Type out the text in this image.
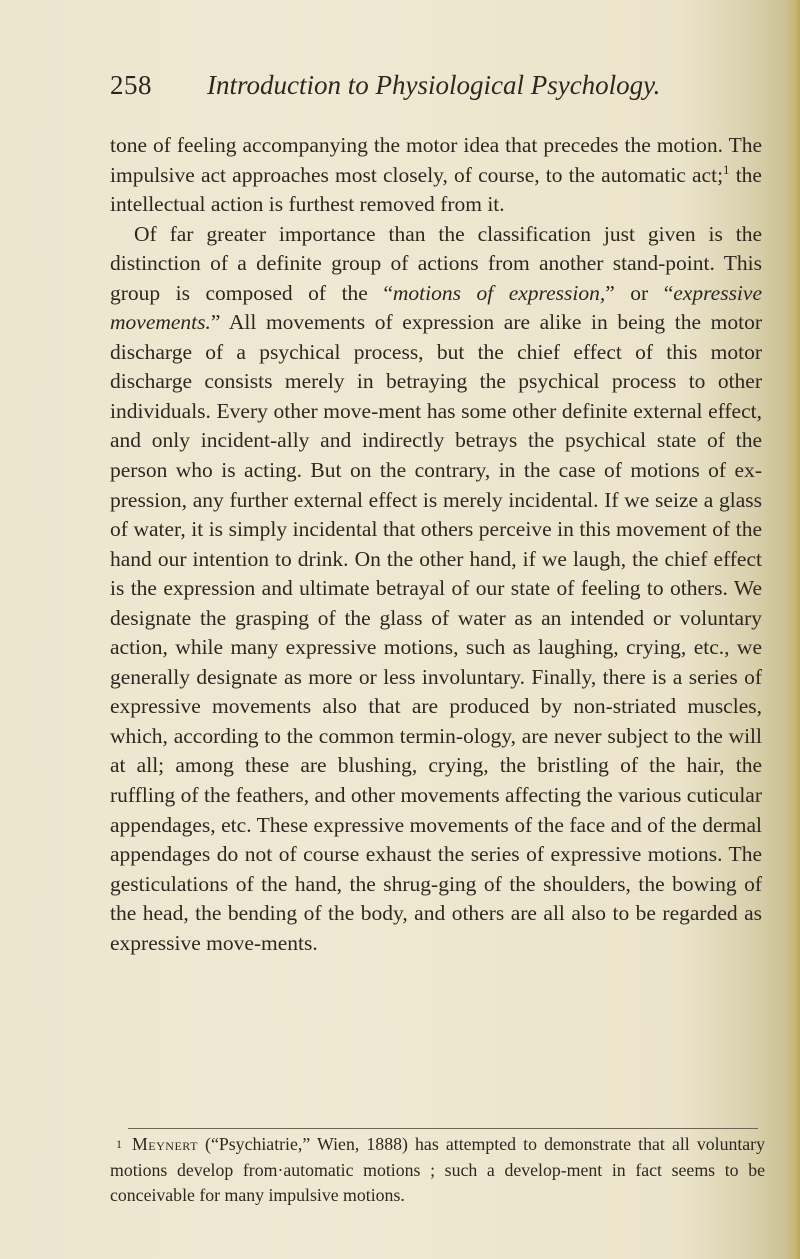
258 Introduction to Physiological Psychology.

tone of feeling accompanying the motor idea that precedes the motion. The impulsive act approaches most closely, of course, to the automatic act;$^1$ the intellectual action is furthest removed from it.

Of far greater importance than the classification just given is the distinction of a definite group of actions from another stand-point. This group is composed of the “motions of expression,” or “expressive movements.” All movements of expression are alike in being the motor discharge of a psychical process, but the chief effect of this motor discharge consists merely in betraying the psychical process to other individuals. Every other move-ment has some other definite external effect, and only incident-ally and indirectly betrays the psychical state of the person who is acting. But on the contrary, in the case of motions of ex-pression, any further external effect is merely incidental. If we seize a glass of water, it is simply incidental that others perceive in this movement of the hand our intention to drink. On the other hand, if we laugh, the chief effect is the expression and ultimate betrayal of our state of feeling to others. We designate the grasping of the glass of water as an intended or voluntary action, while many expressive motions, such as laughing, crying, etc., we generally designate as more or less involuntary. Finally, there is a series of expressive movements also that are produced by non-striated muscles, which, according to the common termin-ology, are never subject to the will at all; among these are blushing, crying, the bristling of the hair, the ruffling of the feathers, and other movements affecting the various cuticular appendages, etc. These expressive movements of the face and of the dermal appendages do not of course exhaust the series of expressive motions. The gesticulations of the hand, the shrug-ging of the shoulders, the bowing of the head, the bending of the body, and others are all also to be regarded as expressive move-ments.

$^1$ Meynert (“Psychiatrie,” Wien, 1888) has attempted to demonstrate that all voluntary motions develop from·automatic motions ; such a develop-ment in fact seems to be conceivable for many impulsive motions.
